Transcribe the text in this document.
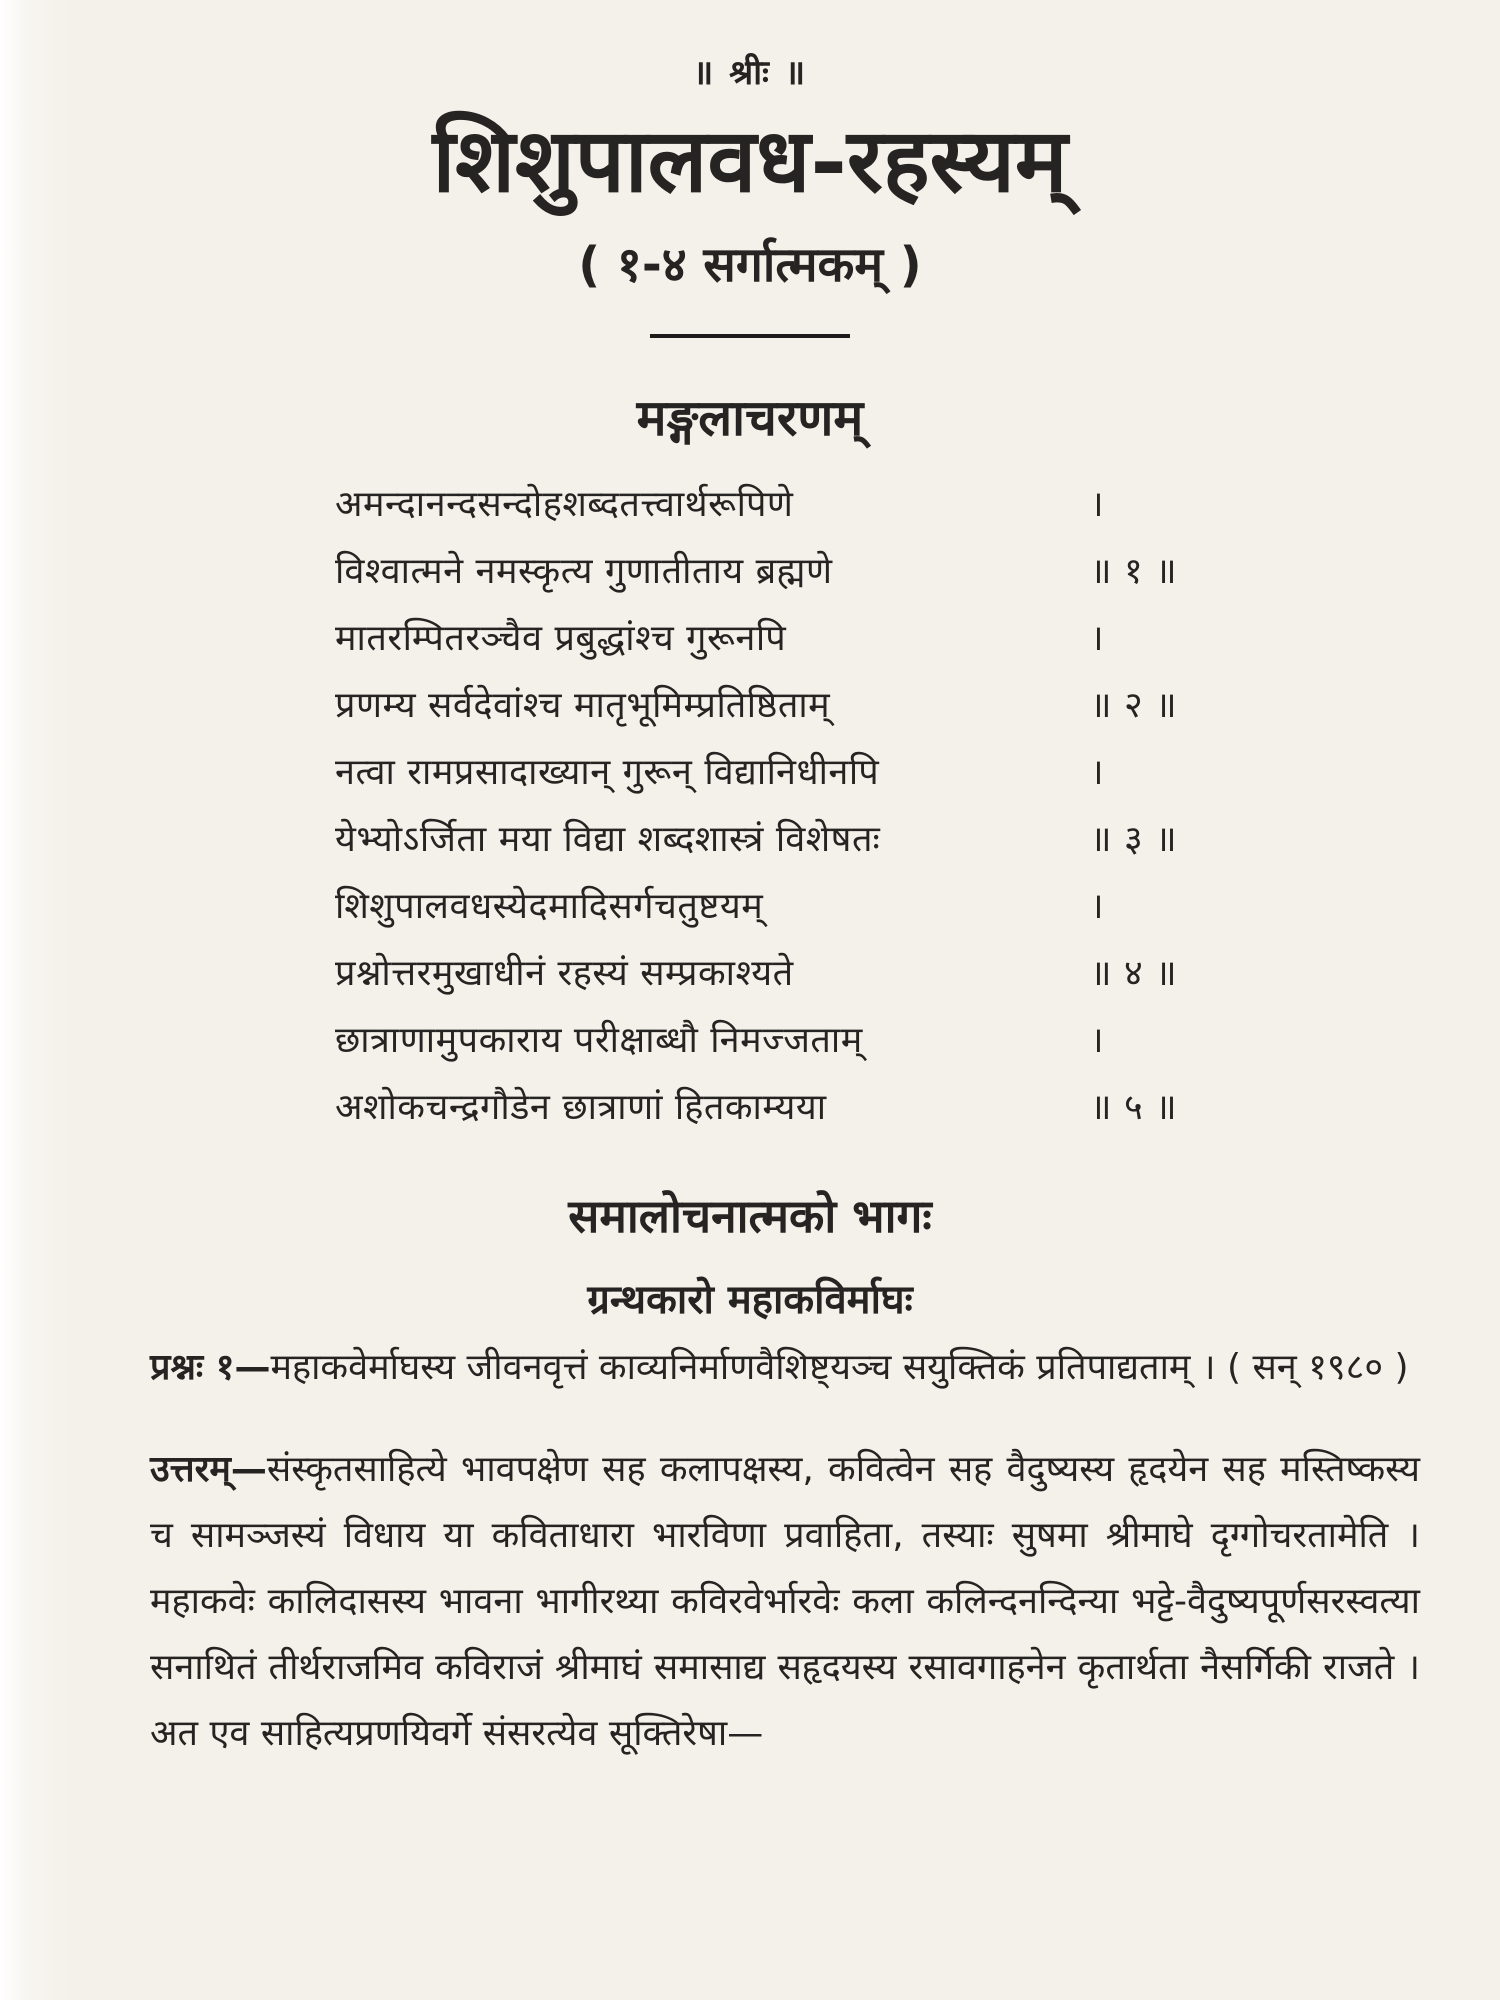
॥ श्रीः ॥
शिशुपालवध-रहस्यम्
( १-४ सर्गात्मकम् )
मङ्गलाचरणम्
अमन्दानन्दसन्दोहशब्दतत्त्वार्थरूपिणे	।
विश्वात्मने नमस्कृत्य गुणातीताय ब्रह्मणे	॥ १ ॥
मातरम्पितरञ्चैव प्रबुद्धांश्च गुरूनपि	।
प्रणम्य सर्वदेवांश्च मातृभूमिम्प्रतिष्ठिताम्	॥ २ ॥
नत्वा रामप्रसादाख्यान् गुरून् विद्यानिधीनपि	।
येभ्योऽर्जिता मया विद्या शब्दशास्त्रं विशेषतः	॥ ३ ॥
शिशुपालवधस्येदमादिसर्गचतुष्टयम्	।
प्रश्नोत्तरमुखाधीनं रहस्यं सम्प्रकाश्यते	॥ ४ ॥
छात्राणामुपकाराय परीक्षाब्धौ निमज्जताम्	।
अशोकचन्द्रगौडेन छात्राणां हितकाम्यया	॥ ५ ॥
समालोचनात्मको भागः
ग्रन्थकारो महाकविर्माघः

प्रश्नः १—महाकवेर्माघस्य जीवनवृत्तं काव्यनिर्माणवैशिष्ट्यञ्च सयुक्तिकं प्रतिपाद्यताम् । ( सन् १९८० )

उत्तरम्—संस्कृतसाहित्ये भावपक्षेण सह कलापक्षस्य, कवित्वेन सह वैदुष्यस्य हृदयेन सह मस्तिष्कस्य च सामञ्जस्यं विधाय या कविताधारा भारविणा प्रवाहिता, तस्याः सुषमा श्रीमाघे दृग्गोचरतामेति । महाकवेः कालिदासस्य भावना भागीरथ्या कविरवेर्भारवेः कला कलिन्दनन्दिन्या भट्टे-वैदुष्यपूर्णसरस्वत्या सनाथितं तीर्थराजमिव कविराजं श्रीमाघं समासाद्य सहृदयस्य रसावगाहनेन कृतार्थता नैसर्गिकी राजते । अत एव साहित्यप्रणयिवर्गे संसरत्येव सूक्तिरेषा—
